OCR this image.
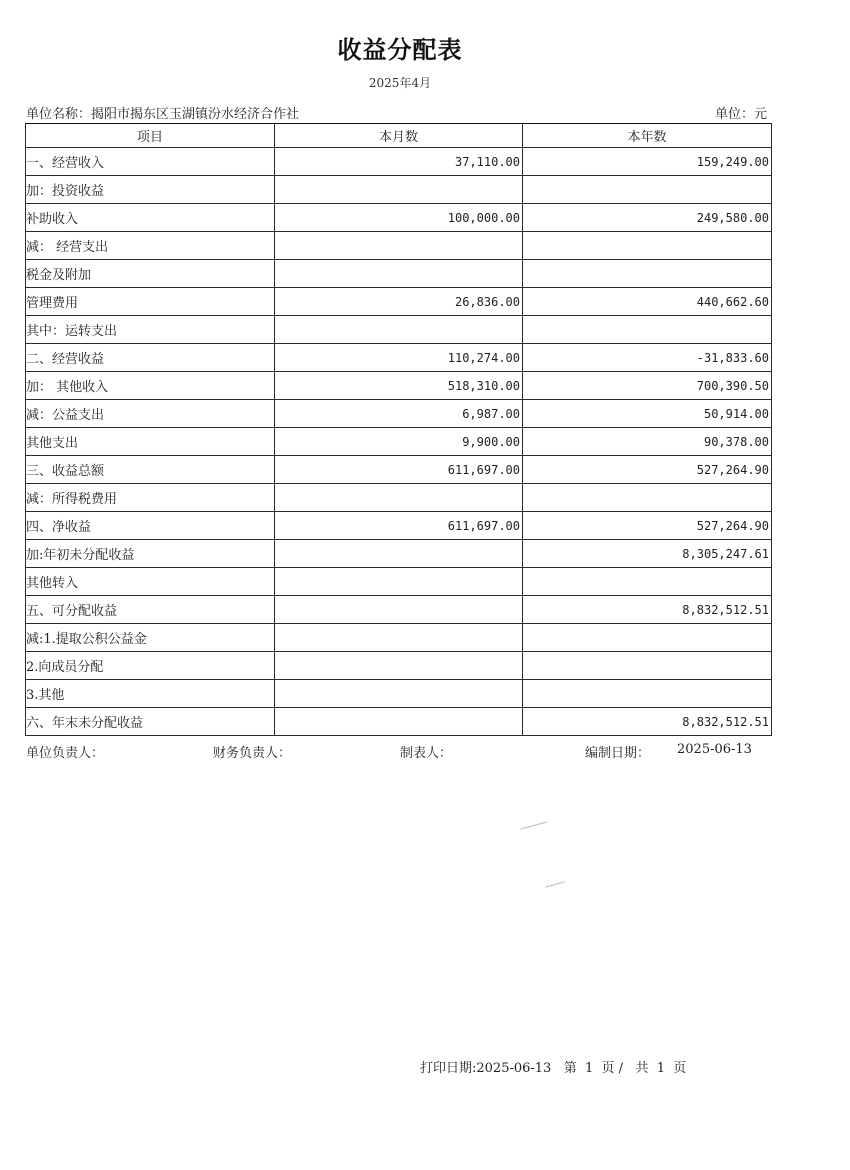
收益分配表
2025年4月
单位名称：揭阳市揭东区玉湖镇汾水经济合作社	单位：元
项目	本月数	本年数
一、经营收入	37,110.00	159,249.00
加：投资收益		
补助收入	100,000.00	249,580.00
减： 经营支出		
税金及附加		
管理费用	26,836.00	440,662.60
其中：运转支出		
二、经营收益	110,274.00	-31,833.60
加： 其他收入	518,310.00	700,390.50
减：公益支出	6,987.00	50,914.00
其他支出	9,900.00	90,378.00
三、收益总额	611,697.00	527,264.90
减：所得税费用		
四、净收益	611,697.00	527,264.90
加:年初未分配收益		8,305,247.61
其他转入		
五、可分配收益		8,832,512.51
减:1.提取公积公益金		
2.向成员分配		
3.其他		
六、年末未分配收益		8,832,512.51
单位负责人：	财务负责人：	制表人：	编制日期： 2025-06-13
打印日期:2025-06-13   第  1  页 /   共  1  页
